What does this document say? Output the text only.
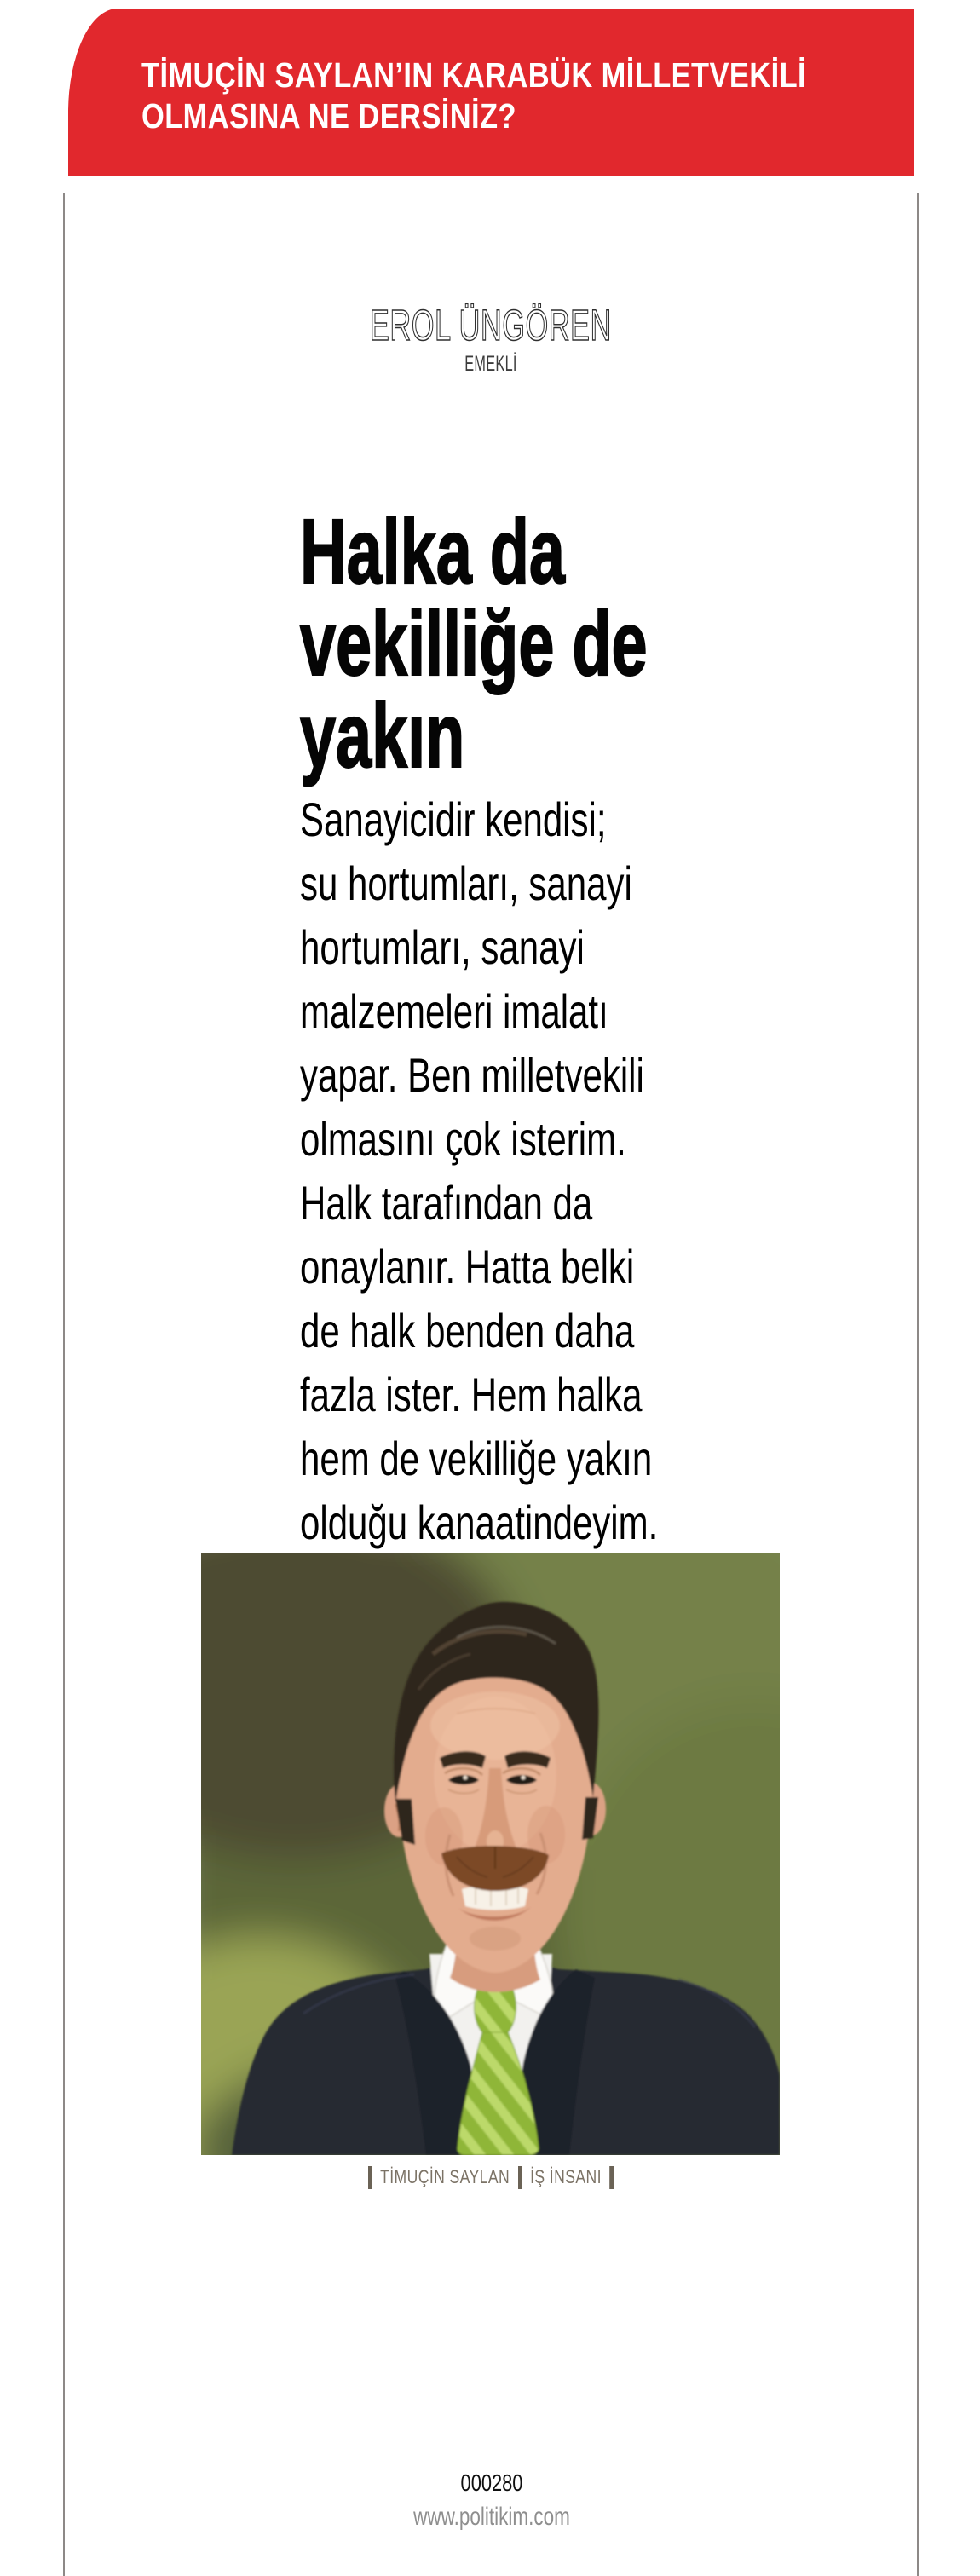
TİMUÇİN SAYLAN’IN KARABÜK MİLLETVEKİLİ
OLMASINA NE DERSİNİZ?
EROL ÜNGÖREN
EMEKLİ
Halka da
vekilliğe de
yakın
Sanayicidir kendisi;
su hortumları, sanayi
hortumları, sanayi
malzemeleri imalatı
yapar. Ben milletvekili
olmasını çok isterim.
Halk tarafından da
onaylanır. Hatta belki
de halk benden daha
fazla ister. Hem halka
hem de vekilliğe yakın
olduğu kanaatindeyim.
TİMUÇİN SAYLAN İŞ İNSANI
000280
www.politikim.com
